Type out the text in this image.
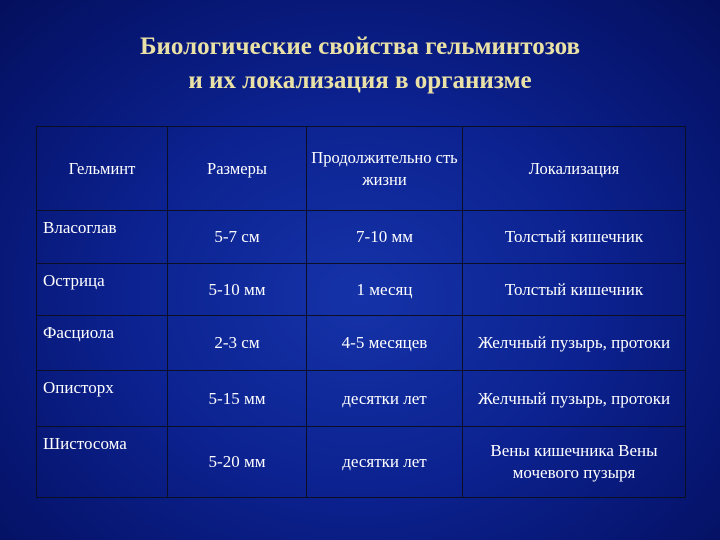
Биологические свойства гельминтозов
и их локализация в организме
Гельминт	Размеры	Продолжительно сть жизни	Локализация
Власоглав	5-7 см	7-10 мм	Толстый кишечник
Острица	5-10 мм	1 месяц	Толстый кишечник
Фасциола	2-3 см	4-5 месяцев	Желчный пузырь, протоки
Описторх	5-15 мм	десятки лет	Желчный пузырь, протоки
Шистосома	5-20 мм	десятки лет	Вены кишечника Вены мочевого пузыря
